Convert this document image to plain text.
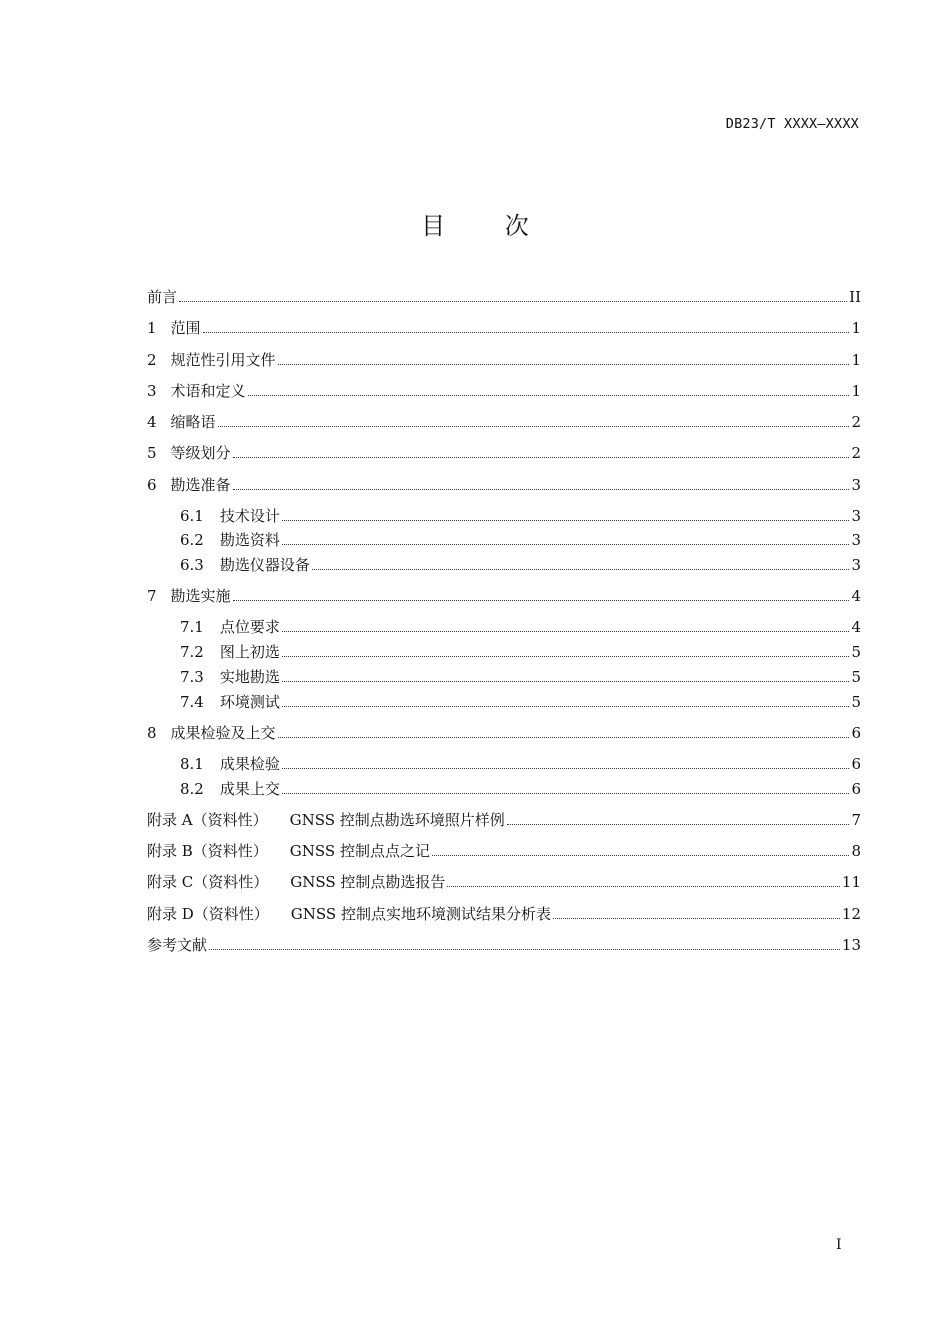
DB23/T XXXX—XXXX
目 次
前言	II
1 范围	1
2 规范性引用文件	1
3 术语和定义	1
4 缩略语	2
5 等级划分	2
6 勘选准备	3
6.1 技术设计	3
6.2 勘选资料	3
6.3 勘选仪器设备	3
7 勘选实施	4
7.1 点位要求	4
7.2 图上初选	5
7.3 实地勘选	5
7.4 环境测试	5
8 成果检验及上交	6
8.1 成果检验	6
8.2 成果上交	6
附录 A（资料性） GNSS 控制点勘选环境照片样例	7
附录 B（资料性） GNSS 控制点点之记	8
附录 C（资料性） GNSS 控制点勘选报告	11
附录 D（资料性） GNSS 控制点实地环境测试结果分析表	12
参考文献	13
I
